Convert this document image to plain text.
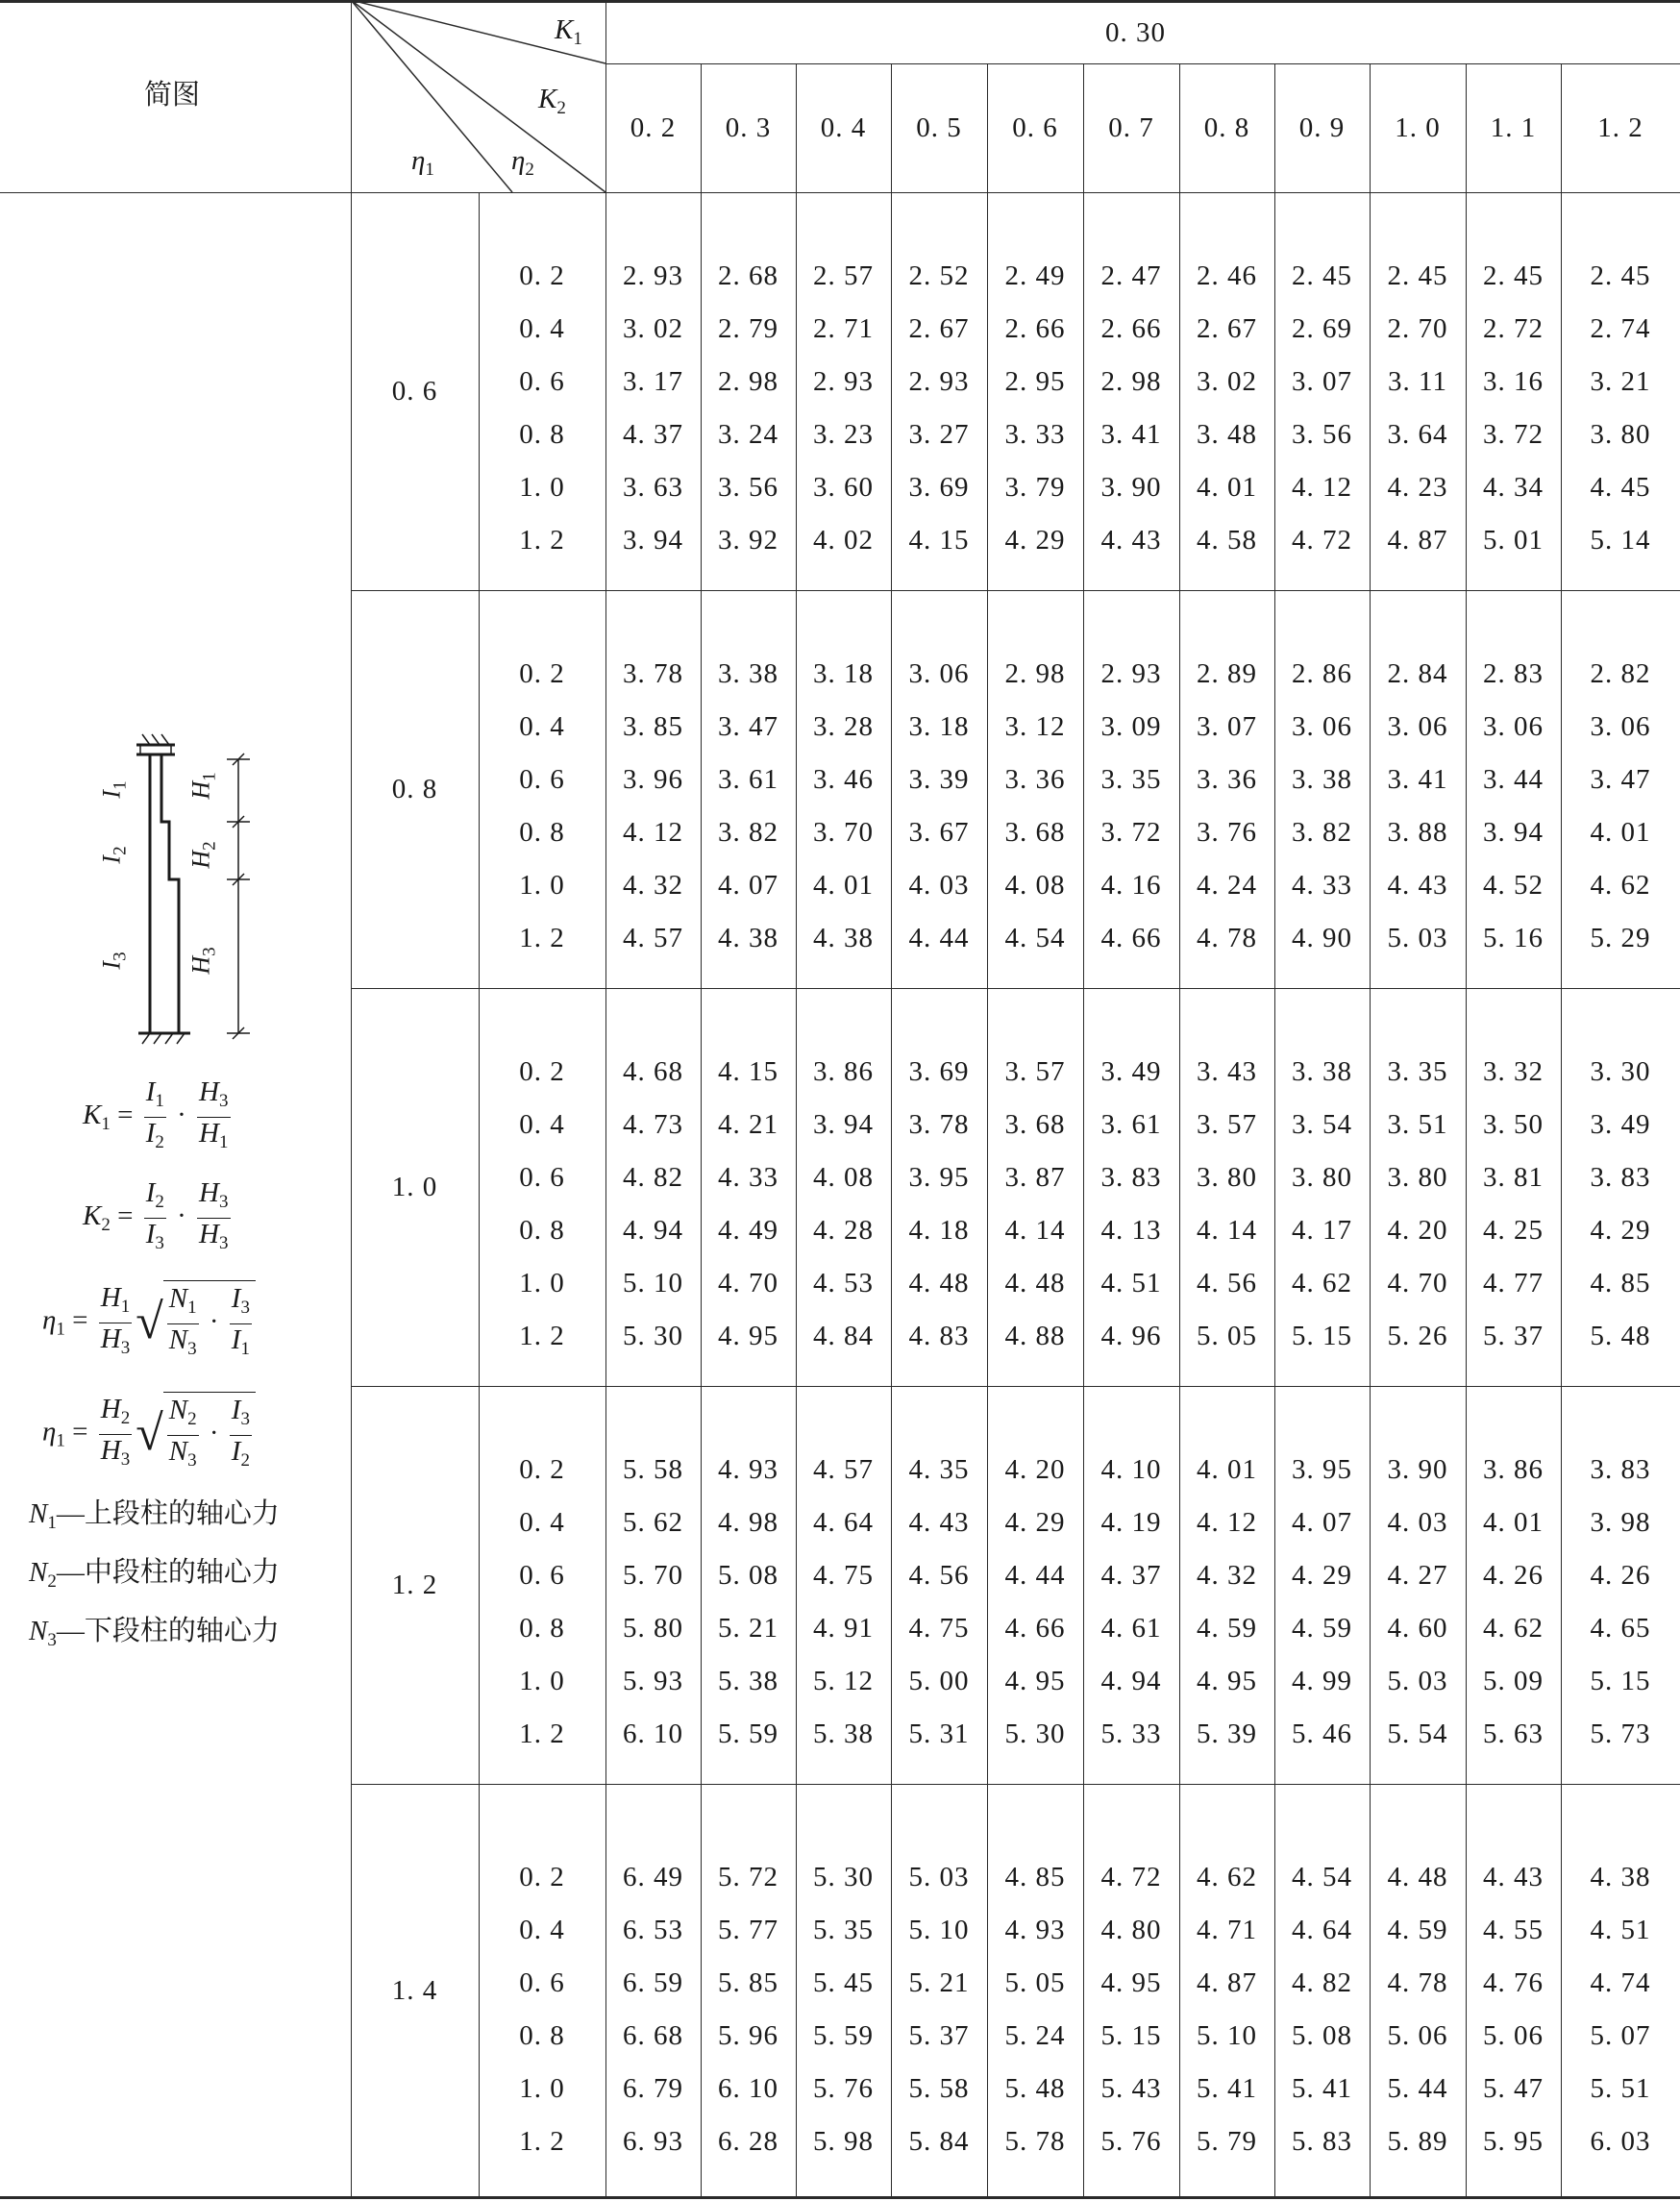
简图
$K_1$
$K_2$
$\eta_1$	$\eta_2$
0. 30
0. 2	0. 3	0. 4	0. 5	0. 6	0. 7	0. 8	0. 9	1. 0	1. 1	1. 2
0. 6
0. 2	2. 93	2. 68	2. 57	2. 52	2. 49	2. 47	2. 46	2. 45	2. 45	2. 45	2. 45
0. 4	3. 02	2. 79	2. 71	2. 67	2. 66	2. 66	2. 67	2. 69	2. 70	2. 72	2. 74
0. 6	3. 17	2. 98	2. 93	2. 93	2. 95	2. 98	3. 02	3. 07	3. 11	3. 16	3. 21
0. 8	4. 37	3. 24	3. 23	3. 27	3. 33	3. 41	3. 48	3. 56	3. 64	3. 72	3. 80
1. 0	3. 63	3. 56	3. 60	3. 69	3. 79	3. 90	4. 01	4. 12	4. 23	4. 34	4. 45
1. 2	3. 94	3. 92	4. 02	4. 15	4. 29	4. 43	4. 58	4. 72	4. 87	5. 01	5. 14
0. 8
0. 2	3. 78	3. 38	3. 18	3. 06	2. 98	2. 93	2. 89	2. 86	2. 84	2. 83	2. 82
0. 4	3. 85	3. 47	3. 28	3. 18	3. 12	3. 09	3. 07	3. 06	3. 06	3. 06	3. 06
0. 6	3. 96	3. 61	3. 46	3. 39	3. 36	3. 35	3. 36	3. 38	3. 41	3. 44	3. 47
0. 8	4. 12	3. 82	3. 70	3. 67	3. 68	3. 72	3. 76	3. 82	3. 88	3. 94	4. 01
1. 0	4. 32	4. 07	4. 01	4. 03	4. 08	4. 16	4. 24	4. 33	4. 43	4. 52	4. 62
1. 2	4. 57	4. 38	4. 38	4. 44	4. 54	4. 66	4. 78	4. 90	5. 03	5. 16	5. 29
1. 0
0. 2	4. 68	4. 15	3. 86	3. 69	3. 57	3. 49	3. 43	3. 38	3. 35	3. 32	3. 30
0. 4	4. 73	4. 21	3. 94	3. 78	3. 68	3. 61	3. 57	3. 54	3. 51	3. 50	3. 49
0. 6	4. 82	4. 33	4. 08	3. 95	3. 87	3. 83	3. 80	3. 80	3. 80	3. 81	3. 83
0. 8	4. 94	4. 49	4. 28	4. 18	4. 14	4. 13	4. 14	4. 17	4. 20	4. 25	4. 29
1. 0	5. 10	4. 70	4. 53	4. 48	4. 48	4. 51	4. 56	4. 62	4. 70	4. 77	4. 85
1. 2	5. 30	4. 95	4. 84	4. 83	4. 88	4. 96	5. 05	5. 15	5. 26	5. 37	5. 48
1. 2
0. 2	5. 58	4. 93	4. 57	4. 35	4. 20	4. 10	4. 01	3. 95	3. 90	3. 86	3. 83
0. 4	5. 62	4. 98	4. 64	4. 43	4. 29	4. 19	4. 12	4. 07	4. 03	4. 01	3. 98
0. 6	5. 70	5. 08	4. 75	4. 56	4. 44	4. 37	4. 32	4. 29	4. 27	4. 26	4. 26
0. 8	5. 80	5. 21	4. 91	4. 75	4. 66	4. 61	4. 59	4. 59	4. 60	4. 62	4. 65
1. 0	5. 93	5. 38	5. 12	5. 00	4. 95	4. 94	4. 95	4. 99	5. 03	5. 09	5. 15
1. 2	6. 10	5. 59	5. 38	5. 31	5. 30	5. 33	5. 39	5. 46	5. 54	5. 63	5. 73
1. 4
0. 2	6. 49	5. 72	5. 30	5. 03	4. 85	4. 72	4. 62	4. 54	4. 48	4. 43	4. 38
0. 4	6. 53	5. 77	5. 35	5. 10	4. 93	4. 80	4. 71	4. 64	4. 59	4. 55	4. 51
0. 6	6. 59	5. 85	5. 45	5. 21	5. 05	4. 95	4. 87	4. 82	4. 78	4. 76	4. 74
0. 8	6. 68	5. 96	5. 59	5. 37	5. 24	5. 15	5. 10	5. 08	5. 06	5. 06	5. 07
1. 0	6. 79	6. 10	5. 76	5. 58	5. 48	5. 43	5. 41	5. 41	5. 44	5. 47	5. 51
1. 2	6. 93	6. 28	5. 98	5. 84	5. 78	5. 76	5. 79	5. 83	5. 89	5. 95	6. 03
$I_1$
$I_2$
$I_3$
$H_1$
$H_2$
$H_3$
$K_1 = \frac{I_1}{I_2} \cdot \frac{H_3}{H_1}$
$K_2 = \frac{I_2}{I_3} \cdot \frac{H_3}{H_3}$
$\eta_1 = \frac{H_1}{H_3}$ √ $\frac{N_1}{N_3} \cdot \frac{I_3}{I_1}$
$\eta_1 = \frac{H_2}{H_3}$ √ $\frac{N_2}{N_3} \cdot \frac{I_3}{I_2}$
$N_1—$上段柱的轴心力
$N_2—$中段柱的轴心力
$N_3—$下段柱的轴心力
